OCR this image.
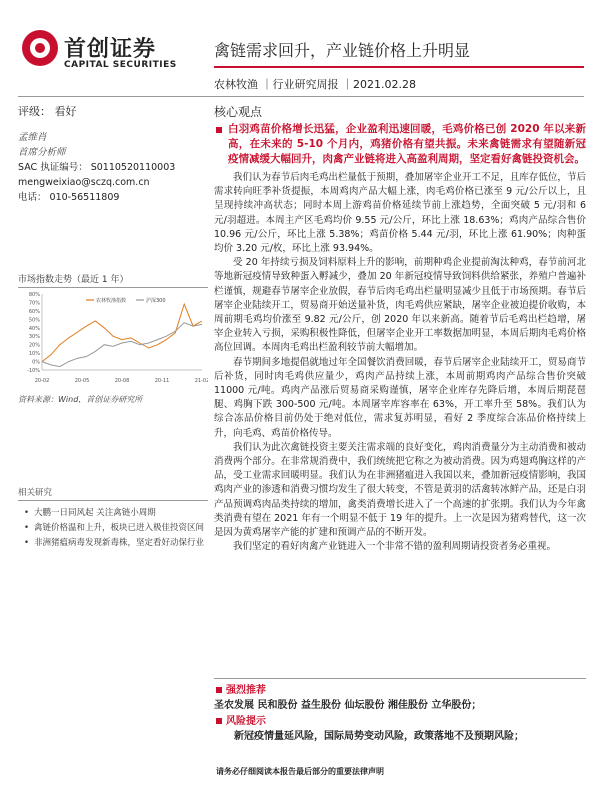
首创证券
CAPITAL SECURITIES
禽链需求回升，产业链价格上升明显
农林牧渔 ｜行业研究周报 ｜2021.02.28
评级： 看好	核心观点
孟维肖
首席分析师
SAC 执证编号： S0110520110003
mengweixiao@sczq.com.cn
电话： 010-56511809
市场指数走势（最近 1 年）
-10%
0%
10%
20%
30%
40%
50%
60%
70%
80%
20-02	20-05	20-08	20-11	21-02
农林牧渔指数	沪深300
资料来源：Wind，首创证券研究所
相关研究
• 大鹏一日同风起 关注禽链小周期
• 禽链价格温和上升，板块已进入极佳投资区间
• 非洲猪瘟病毒发现新毒株，坚定看好动保行业

白羽鸡苗价格增长迅猛，企业盈利迅速回暖，毛鸡价格已创 2020 年以来新高，在未来的 5-10 个月内，鸡猪价格有望共振。未来禽链需求有望随新冠疫情减缓大幅回升，肉禽产业链将进入高盈利周期，坚定看好禽链投资机会。

我们认为春节后肉毛鸡出栏量低于预期，叠加屠宰企业开工不足，且库存低位，节后需求转向旺季补货提振，本周鸡肉产品大幅上涨，肉毛鸡价格已涨至 9 元/公斤以上，且呈现持续冲高状态；同时本周上游鸡苗价格延续节前上涨趋势，全面突破 5 元/羽和 6 元/羽超进。本周主产区毛鸡均价 9.55 元/公斤，环比上涨 18.63%；鸡肉产品综合售价 10.96 元/公斤，环比上涨 5.38%；鸡苗价格 5.44 元/羽，环比上涨 61.90%；肉种蛋均价 3.20 元/枚，环比上涨 93.94%。

受 20 年持续亏损及饲料原料上升的影响，前期种鸡企业提前淘汰种鸡，春节前河北等地新冠疫情导致种蛋入孵减少，叠加 20 年新冠疫情导致饲料供给紧张，养殖户普遍补栏谨慎，规避春节屠宰企业放假，春节后肉毛鸡出栏量明显减少且低于市场预期。春节后屠宰企业陆续开工，贸易商开始送量补货，肉毛鸡供应紧缺，屠宰企业被迫提价收购，本周前期毛鸡均价涨至 9.82 元/公斤，创 2020 年以来新高。随着节后毛鸡出栏趋增，屠宰企业转入亏损，采购积极性降低，但屠宰企业开工率数据加明显，本周后期肉毛鸡价格高位回调。本周肉毛鸡出栏盈利较节前大幅增加。

春节期间多地提倡就地过年全国餐饮消费回暖，春节后屠宰企业陆续开工，贸易商节后补货，同时肉毛鸡供应量少，鸡肉产品持续上涨，本周前期鸡肉产品综合售价突破 11000 元/吨。鸡肉产品涨后贸易商采购谨慎，屠宰企业库存先降后增，本周后期琵琶腿、鸡胸下跌 300-500 元/吨。本周屠宰库容率在 63%，开工率升至 58%。我们认为综合冻品价格目前仍处于绝对低位，需求复苏明显，看好 2 季度综合冻品价格持续上升，向毛鸡、鸡苗价格传导。

我们认为此次禽链投资主要关注需求端的良好变化，鸡肉消费量分为主动消费和被动消费两个部分。在非常规消费中，我们统统把它称之为被动消费。因为鸡翅鸡胸这样的产品，受工业需求回暖明显。我们认为在非洲猪瘟进入我国以来，叠加新冠疫情影响，我国鸡肉产业的渗透和消费习惯均发生了很大转变，不管是黄羽的活禽转冰鲜产品，还是白羽产品预调鸡肉品类持续的增加，禽类消费增长进入了一个高速的扩张期。我们认为今年禽类消费有望在 2021 年有一个明显不低于 19 年的提升。上一次是因为猪鸡替代，这一次是因为黄鸡屠宰产能的扩建和预调产品的不断开发。

我们坚定的看好肉禽产业链进入一个非常不错的盈利周期请投资者务必重视。

强烈推荐
圣农发展 民和股份 益生股份 仙坛股份 湘佳股份 立华股份；
风险提示
新冠疫情量延风险，国际局势变动风险，政策落地不及预期风险；
请务必仔细阅读本报告最后部分的重要法律声明
